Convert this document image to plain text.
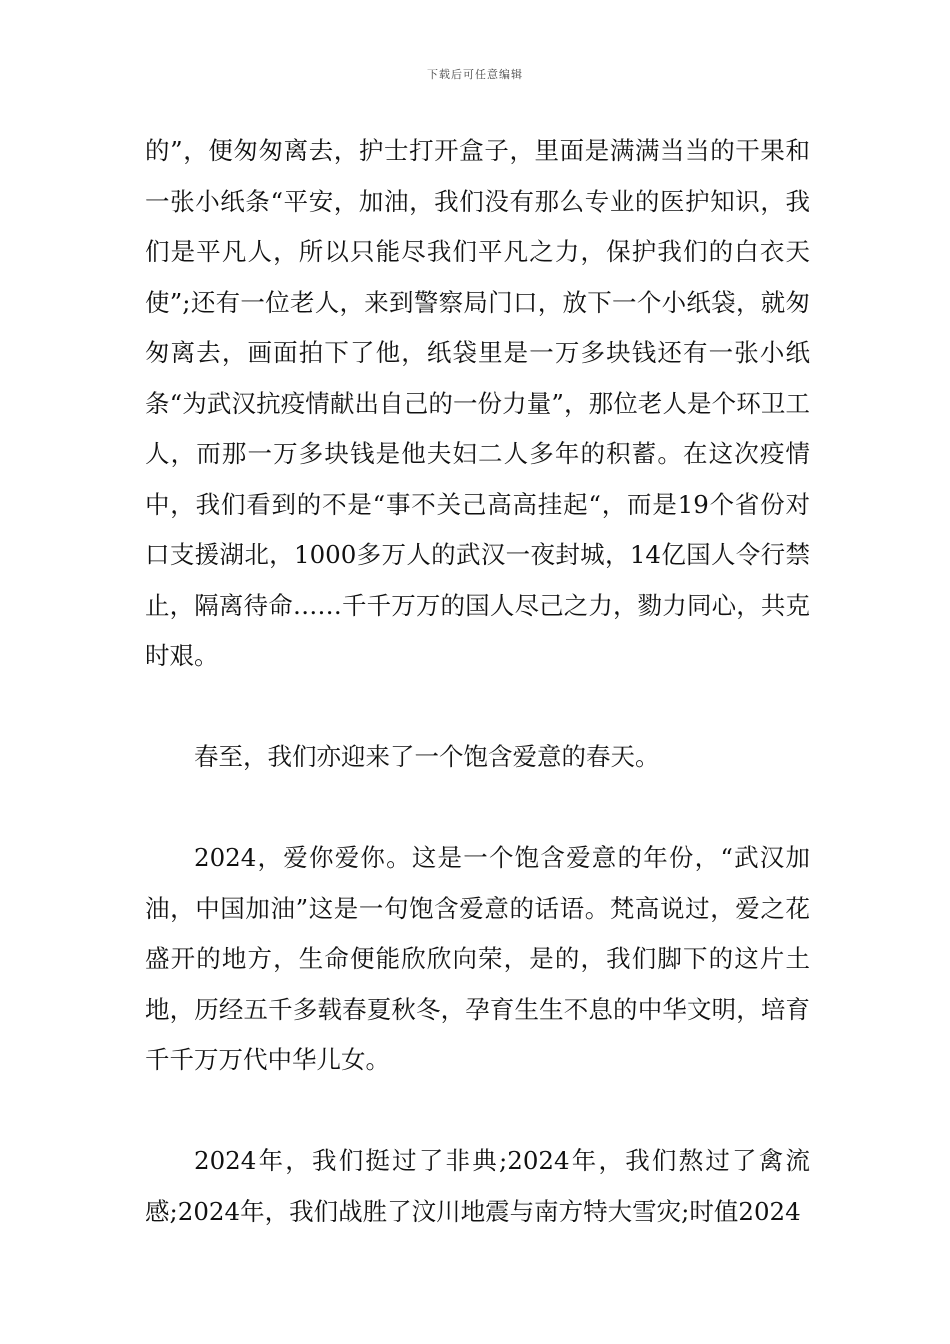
下载后可任意编辑

的”，便匆匆离去，护士打开盒子，里面是满满当当的干果和一张小纸条“平安，加油，我们没有那么专业的医护知识，我们是平凡人，所以只能尽我们平凡之力，保护我们的白衣天使”;还有一位老人，来到警察局门口，放下一个小纸袋，就匆匆离去，画面拍下了他，纸袋里是一万多块钱还有一张小纸条“为武汉抗疫情献出自己的一份力量”，那位老人是个环卫工人，而那一万多块钱是他夫妇二人多年的积蓄。在这次疫情中，我们看到的不是“事不关己高高挂起“，而是19个省份对口支援湖北，1000多万人的武汉一夜封城，14亿国人令行禁止，隔离待命……千千万万的国人尽己之力，勠力同心，共克时艰。

春至，我们亦迎来了一个饱含爱意的春天。

2024，爱你爱你。这是一个饱含爱意的年份，“武汉加油，中国加油”这是一句饱含爱意的话语。梵高说过，爱之花盛开的地方，生命便能欣欣向荣，是的，我们脚下的这片土地，历经五千多载春夏秋冬，孕育生生不息的中华文明，培育千千万万代中华儿女。

2024年，我们挺过了非典;2024年，我们熬过了禽流感;2024年，我们战胜了汶川地震与南方特大雪灾;时值2024
